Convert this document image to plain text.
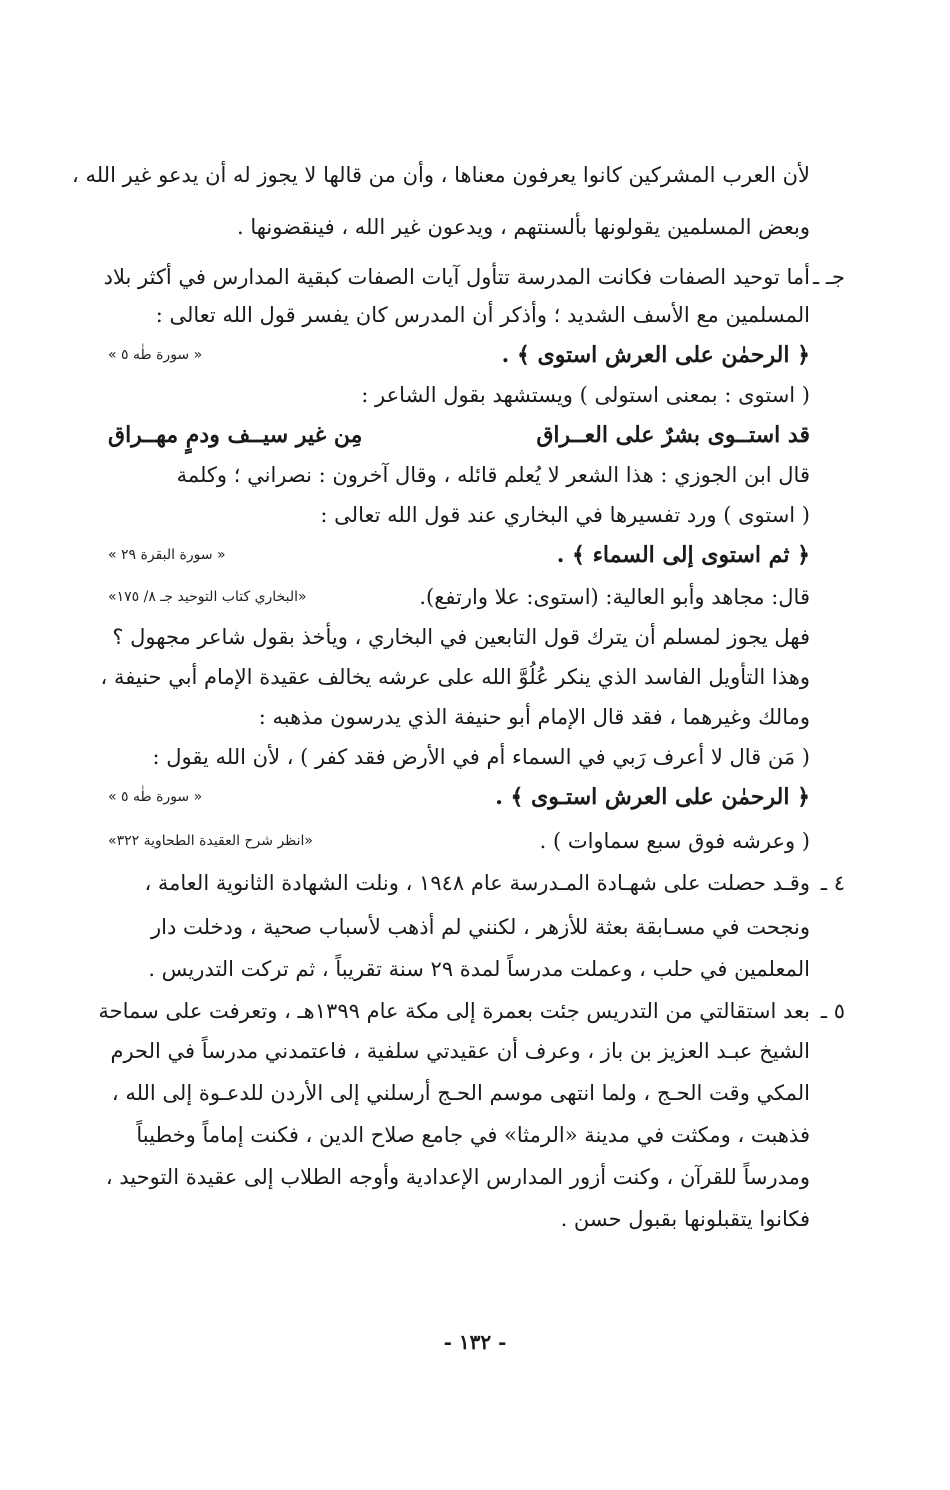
لأن العرب المشركين كانوا يعرفون معناها ، وأن من قالها لا يجوز له أن يدعو غير الله ،
وبعض المسلمين يقولونها بألسنتهم ، ويدعون غير الله ، فينقضونها .
جـ ـ
أما توحيد الصفات فكانت المدرسة تتأول آيات الصفات كبقية المدارس في أكثر بلاد
المسلمين مع الأسف الشديد ؛ وأذكر أن المدرس كان يفسر قول الله تعالى :
﴿ الرحمٰن على العرش استوى ﴾ .
« سورة طٰه ٥ »
( استوى : بمعنى استولى ) ويستشهد بقول الشاعر :
قد استــوى بشرٌ على العــراق
مِن غير سيــف ودمٍ مهــراق
قال ابن الجوزي : هذا الشعر لا يُعلم قائله ، وقال آخرون : نصراني ؛ وكلمة
( استوى ) ورد تفسيرها في البخاري عند قول الله تعالى :
﴿ ثم استوى إلى السماء ﴾ .
« سورة البقرة ٢٩ »
قال: مجاهد وأبو العالية: (استوى: علا وارتفع).
«البخاري كتاب التوحيد جـ ٨/ ١٧٥»
فهل يجوز لمسلم أن يترك قول التابعين في البخاري ، ويأخذ بقول شاعر مجهول ؟
وهذا التأويل الفاسد الذي ينكر عُلُوَّ الله على عرشه يخالف عقيدة الإمام أبي حنيفة ،
ومالك وغيرهما ، فقد قال الإمام أبو حنيفة الذي يدرسون مذهبه :
( مَن قال لا أعرف رَبي في السماء أم في الأرض فقد كفر ) ، لأن الله يقول :
﴿ الرحمٰن على العرش استـوى ﴾ .
« سورة طٰه ٥ »
( وعرشه فوق سبع سماوات ) .
«انظر شرح العقيدة الطحاوية ٣٢٢»
٤ ـ
وقـد حصلت على شهـادة المـدرسة عام ١٩٤٨ ، ونلت الشهادة الثانوية العامة ،
ونجحت في مسـابقة بعثة للأزهر ، لكنني لم أذهب لأسباب صحية ، ودخلت دار
المعلمين في حلب ، وعملت مدرساً لمدة ٢٩ سنة تقريباً ، ثم تركت التدريس .
٥ ـ
بعد استقالتي من التدريس جئت بعمرة إلى مكة عام ١٣٩٩هـ ، وتعرفت على سماحة
الشيخ عبـد العزيز بن باز ، وعرف أن عقيدتي سلفية ، فاعتمدني مدرساً في الحرم
المكي وقت الحـج ، ولما انتهى موسم الحـج أرسلني إلى الأردن للدعـوة إلى الله ،
فذهبت ، ومكثت في مدينة «الرمثا» في جامع صلاح الدين ، فكنت إماماً وخطيباً
ومدرساً للقرآن ، وكنت أزور المدارس الإعدادية وأوجه الطلاب إلى عقيدة التوحيد ،
فكانوا يتقبلونها بقبول حسن .
- ١٣٢ -
